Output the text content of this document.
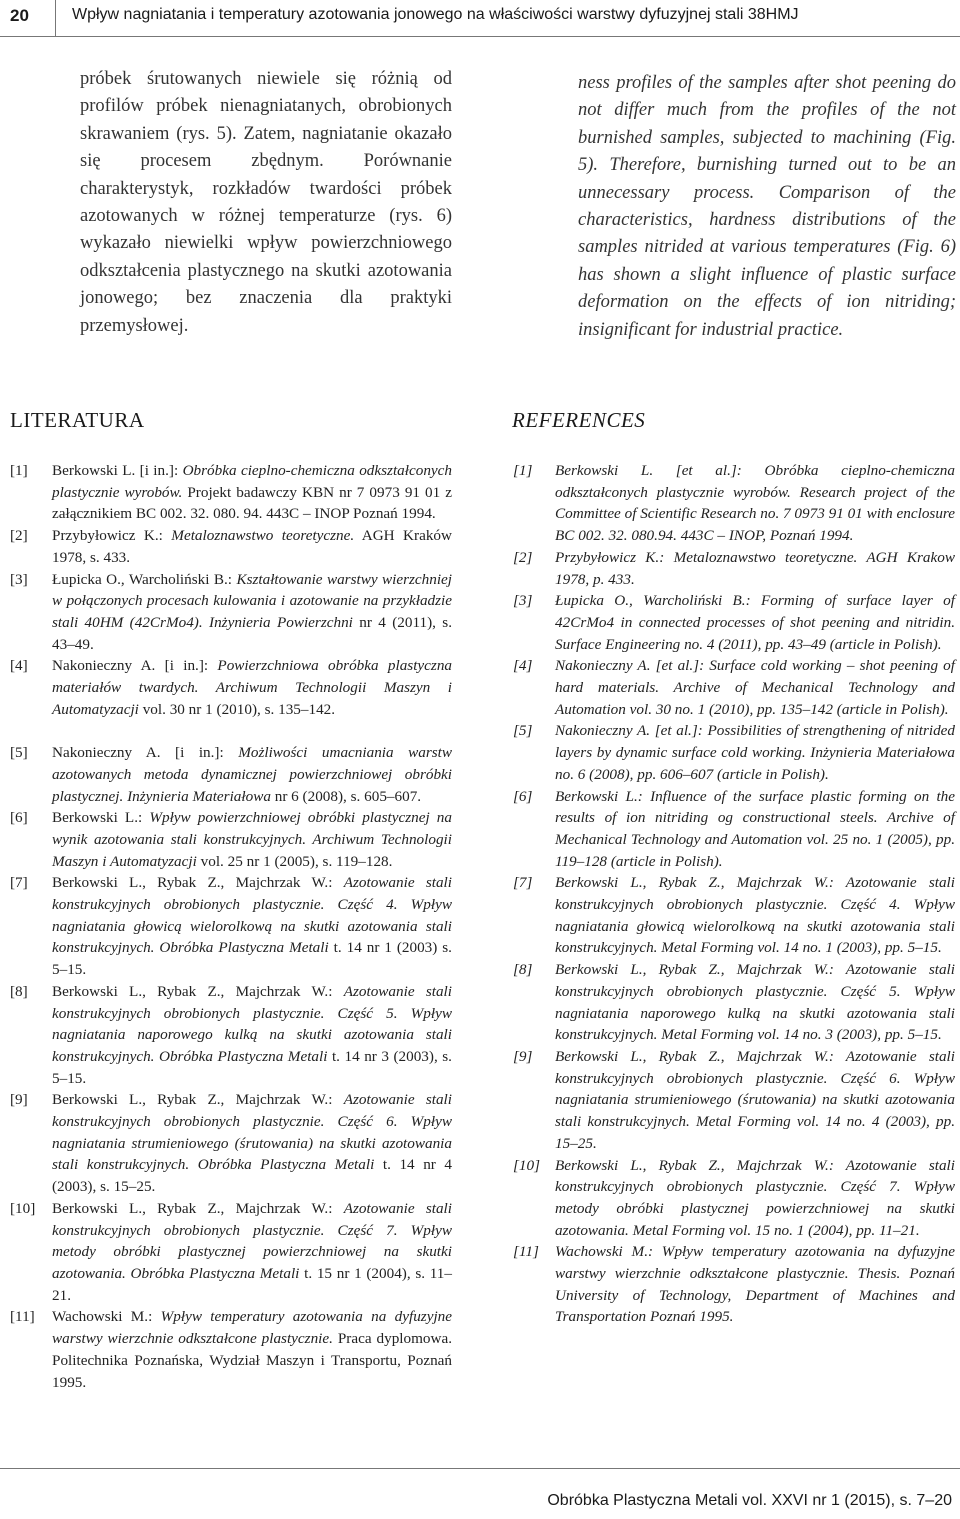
20	Wpływ nagniatania i temperatury azotowania jonowego na właściwości warstwy dyfuzyjnej stali 38HMJ

próbek śrutowanych niewiele się różnią od profilów próbek nienagniatanych, obrobionych skrawaniem (rys. 5). Zatem, nagniatanie okazało się procesem zbędnym. Porównanie charakterystyk, rozkładów twardości próbek azotowanych w różnej temperaturze (rys. 6) wykazało niewielki wpływ powierzchniowego odkształcenia plastycznego na skutki azotowania jonowego; bez znaczenia dla praktyki przemysłowej.

ness profiles of the samples after shot peening do not differ much from the profiles of the not burnished samples, subjected to machining (Fig. 5). Therefore, burnishing turned out to be an unnecessary process. Comparison of the characteristics, hardness distributions of the samples nitrided at various temperatures (Fig. 6) has shown a slight influence of plastic surface deformation on the effects of ion nitriding; insignificant for industrial practice.

LITERATURA	REFERENCES
[1]	Berkowski L. [i in.]: Obróbka cieplno-chemiczna odkształconych plastycznie wyrobów. Projekt badawczy KBN nr 7 0973 91 01 z załącznikiem BC 002. 32. 080. 94. 443C – INOP Poznań 1994.
[2]	Przybyłowicz K.: Metaloznawstwo teoretyczne. AGH Kraków 1978, s. 433.
[3]	Łupicka O., Warcholiński B.: Kształtowanie warstwy wierzchniej w połączonych procesach kulowania i azotowanie na przykładzie stali 40HM (42CrMo4). Inżynieria Powierzchni nr 4 (2011), s. 43–49.
[4]	Nakonieczny A. [i in.]: Powierzchniowa obróbka plastyczna materiałów twardych. Archiwum Technologii Maszyn i Automatyzacji vol. 30 nr 1 (2010), s. 135–142.
[5]	Nakonieczny A. [i in.]: Możliwości umacniania warstw azotowanych metoda dynamicznej powierzchniowej obróbki plastycznej. Inżynieria Materiałowa nr 6 (2008), s. 605–607.
[6]	Berkowski L.: Wpływ powierzchniowej obróbki plastycznej na wynik azotowania stali konstrukcyjnych. Archiwum Technologii Maszyn i Automatyzacji vol. 25 nr 1 (2005), s. 119–128.
[7]	Berkowski L., Rybak Z., Majchrzak W.: Azotowanie stali konstrukcyjnych obrobionych plastycznie. Część 4. Wpływ nagniatania głowicą wielorolkową na skutki azotowania stali konstrukcyjnych. Obróbka Plastyczna Metali t. 14 nr 1 (2003) s. 5–15.
[8]	Berkowski L., Rybak Z., Majchrzak W.: Azotowanie stali konstrukcyjnych obrobionych plastycznie. Część 5. Wpływ nagniatania naporowego kulką na skutki azotowania stali konstrukcyjnych. Obróbka Plastyczna Metali t. 14 nr 3 (2003), s. 5–15.
[9]	Berkowski L., Rybak Z., Majchrzak W.: Azotowanie stali konstrukcyjnych obrobionych plastycznie. Część 6. Wpływ nagniatania strumieniowego (śrutowania) na skutki azotowania stali konstrukcyjnych. Obróbka Plastyczna Metali t. 14 nr 4 (2003), s. 15–25.
[10]	Berkowski L., Rybak Z., Majchrzak W.: Azotowanie stali konstrukcyjnych obrobionych plastycznie. Część 7. Wpływ metody obróbki plastycznej powierzchniowej na skutki azotowania. Obróbka Plastyczna Metali t. 15 nr 1 (2004), s. 11–21.
[11]	Wachowski M.: Wpływ temperatury azotowania na dyfuzyjne warstwy wierzchnie odkształcone plastycznie. Praca dyplomowa. Politechnika Poznańska, Wydział Maszyn i Transportu, Poznań 1995.
[1]	Berkowski L. [et al.]: Obróbka cieplno-chemiczna odkształconych plastycznie wyrobów. Research project of the Committee of Scientific Research no. 7 0973 91 01 with enclosure BC 002. 32. 080.94. 443C – INOP, Poznań 1994.
[2]	Przybyłowicz K.: Metaloznawstwo teoretyczne. AGH Krakow 1978, p. 433.
[3]	Łupicka O., Warcholiński B.: Forming of surface layer of 42CrMo4 in connected processes of shot peening and nitridin. Surface Engineering no. 4 (2011), pp. 43–49 (article in Polish).
[4]	Nakonieczny A. [et al.]: Surface cold working – shot peening of hard materials. Archive of Mechanical Technology and Automation vol. 30 no. 1 (2010), pp. 135–142 (article in Polish).
[5]	Nakonieczny A. [et al.]: Possibilities of strengthening of nitrided layers by dynamic surface cold working. Inżynieria Materiałowa no. 6 (2008), pp. 606–607 (article in Polish).
[6]	Berkowski L.: Influence of the surface plastic forming on the results of ion nitriding og constructional steels. Archive of Mechanical Technology and Automation vol. 25 no. 1 (2005), pp. 119–128 (article in Polish).
[7]	Berkowski L., Rybak Z., Majchrzak W.: Azotowanie stali konstrukcyjnych obrobionych plastycznie. Część 4. Wpływ nagniatania głowicą wielorolkową na skutki azotowania stali konstrukcyjnych. Metal Forming vol. 14 no. 1 (2003), pp. 5–15.
[8]	Berkowski L., Rybak Z., Majchrzak W.: Azotowanie stali konstrukcyjnych obrobionych plastycznie. Część 5. Wpływ nagniatania naporowego kulką na skutki azotowania stali konstrukcyjnych. Metal Forming vol. 14 no. 3 (2003), pp. 5–15.
[9]	Berkowski L., Rybak Z., Majchrzak W.: Azotowanie stali konstrukcyjnych obrobionych plastycznie. Część 6. Wpływ nagniatania strumieniowego (śrutowania) na skutki azotowania stali konstrukcyjnych. Metal Forming vol. 14 no. 4 (2003), pp. 15–25.
[10] Berkowski L., Rybak Z., Majchrzak W.: Azotowanie stali konstrukcyjnych obrobionych plastycznie. Część 7. Wpływ metody obróbki plastycznej powierzchniowej na skutki azotowania. Metal Forming vol. 15 no. 1 (2004), pp. 11–21.
[11]	Wachowski M.: Wpływ temperatury azotowania na dyfuzyjne warstwy wierzchnie odkształcone plastycznie. Thesis. Poznań University of Technology, Department of Machines and Transportation Poznań 1995.
Obróbka Plastyczna Metali vol. XXVI nr 1 (2015), s. 7–20
